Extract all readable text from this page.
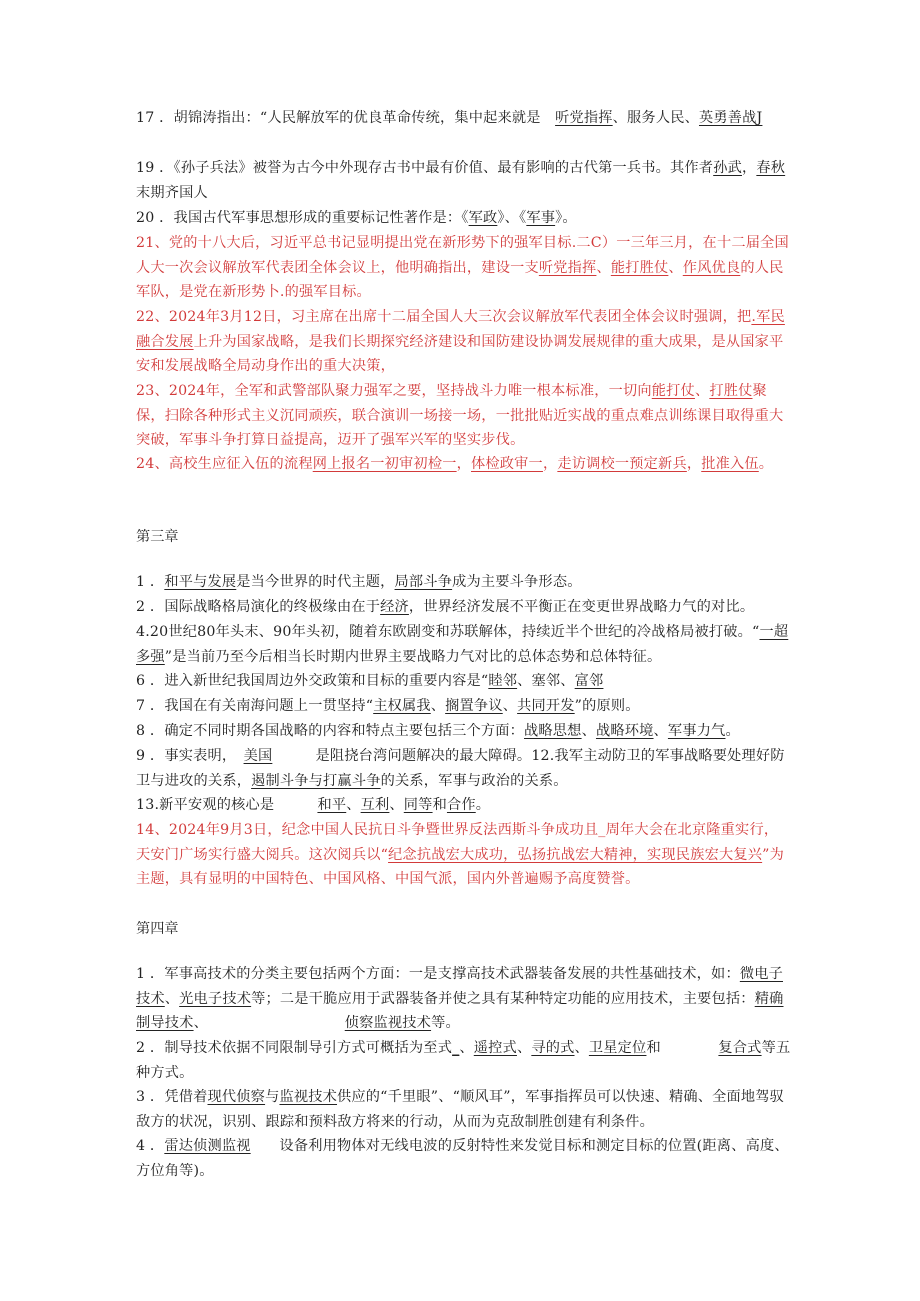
17 ．胡锦涛指出：“人民解放军的优良革命传统，集中起来就是　听党指挥、服务人民、英勇善战J

19 ．《孙子兵法》被誉为古今中外现存古书中最有价值、最有影响的古代第一兵书。其作者孙武，春秋末期齐国人

20 ．我国古代军事思想形成的重要标记性著作是：《军政》、《军事》。

21、党的十八大后，习近平总书记显明提出党在新形势下的强军目标.二C）一三年三月，在十二届全国人大一次会议解放军代表团全体会议上，他明确指出，建设一支听党指挥、能打胜仗、作风优良的人民军队，是党在新形势卜.的强军目标。

22、2024年3月12日，习主席在出席十二届全国人大三次会议解放军代表团全体会议时强调，把.军民融合发展上升为国家战略，是我们长期探究经济建设和国防建设协调发展规律的重大成果，是从国家平安和发展战略全局动身作出的重大决策，

23、2024年，全军和武警部队聚力强军之要，坚持战斗力唯一根本标准，一切向能打仗、打胜仗聚保，扫除各种形式主义沉同顽疾，联合演训一场接一场，一批批贴近实战的重点难点训练课目取得重大突破，军事斗争打算日益提高，迈开了强军兴军的坚实步伐。

24、高校生应征入伍的流程网上报名一初审初检一，体检政审一，走访调校一预定新兵，批准入伍。

第三章

1 ．和平与发展是当今世界的时代主题，局部斗争成为主要斗争形态。

2 ．国际战略格局演化的终极缘由在于经济，世界经济发展不平衡正在变更世界战略力气的对比。

4.20世纪80年头末、90年头初，随着东欧剧变和苏联解体，持续近半个世纪的冷战格局被打破。“一超多强”是当前乃至今后相当长时期内世界主要战略力气对比的总体态势和总体特征。

6 ．进入新世纪我国周边外交政策和目标的重要内容是“睦邻、塞邻、富邻

7 ．我国在有关南海问题上一贯坚持“主权属我、搁置争议、共同开发”的原则。

8 ．确定不同时期各国战略的内容和特点主要包括三个方面：战略思想、战略环境、军事力气。

9 ．事实表明，　美国　　　是阻挠台湾问题解决的最大障碍。12.我军主动防卫的军事战略要处理好防卫与进攻的关系，遏制斗争与打赢斗争的关系，军事与政治的关系。

13.新平安观的核心是　　　和平、互利、同等和合作。

14、2024年9月3日，纪念中国人民抗日斗争暨世界反法西斯斗争成功且_周年大会在北京隆重实行，天安门广场实行盛大阅兵。这次阅兵以“纪念抗战宏大成功，弘扬抗战宏大精神，实现民族宏大复兴”为主题，具有显明的中国特色、中国风格、中国气派，国内外普遍赐予高度赞誉。

第四章

1 ．军事高技术的分类主要包括两个方面：一是支撑高技术武器装备发展的共性基础技术，如：微电子技术、光电子技术等；二是干脆应用于武器装备并使之具有某种特定功能的应用技术，主要包括：精确制导技术、　　　　　　　　　　侦察监视技术等。

2 ．制导技术依据不同限制导引方式可概括为至式_、遥控式、寻的式、卫星定位和　　　　复合式等五种方式。

3 ．凭借着现代侦察与监视技术供应的“千里眼”、“顺风耳”，军事指挥员可以快速、精确、全面地驾驭敌方的状况，识别、跟踪和预料敌方将来的行动，从而为克敌制胜创建有利条件。

4 ．雷达侦测监视　　设备利用物体对无线电波的反射特性来发觉目标和测定目标的位置(距离、高度、方位角等)。
